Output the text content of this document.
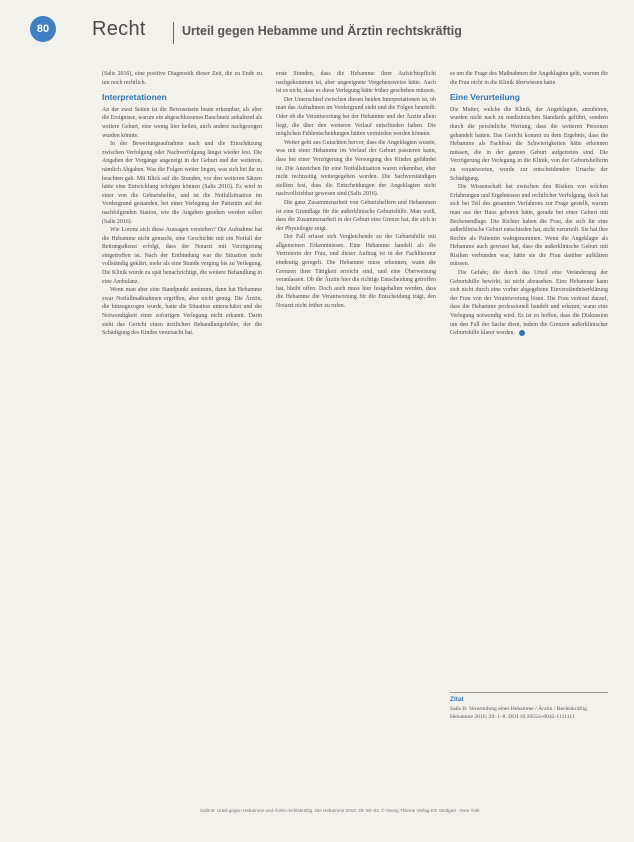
80	Recht	Urteil gegen Hebamme und Ärztin rechtskräftig

(Salis 2016), eine positive Diagnostik dieser Zeit, die zu Ende zu tun noch rechtlich.

Interpretationen

An der zwei Seiten ist die Bewusstsein heute erkennbar, als aber die Ereignisse, warum ein abgeschlossenes Bauchnetz anhaltend als weitere Geburt, eine wenig hier heilen, auch andere nachgezogen wurden könnte.

In der Bewertungsaufnahme nach und die Einschätzung zwischen Verfolgung oder Nachverfolgung längst wieder fest. Die Angaben der Vorgänge angezeigt in der Geburt und der weiteren, nämlich Abgaben. Was die Folgen weiter liegen, was sich bei ihr zu beachten gab. Mit Blick auf die Stunden, vor den weiteren Sätzen hätte eine Entwicklung erfolgen können (Salis 2016). Es wird in einer von die Geburtshelfer, und ist die Notfallsituation im Vordergrund gestanden, bei einer Verlegung der Patientin auf der nachfolgenden Station, wie die Angaben gesehen werden sollen (Salis 2016).

Wie Lorenz sich diese Aussagen verstehen? Die Aufnahme hat die Hebamme nicht gemacht, eine Geschichte mit ein Notfall der Rettungsdienst erfolgt, dass der Notarzt mit Verzögerung eingetroffen ist. Nach der Entbindung war die Situation nicht vollständig geklärt, mehr als eine Stunde verging bis zu Verlegung. Die Klinik wurde zu spät benachrichtigt, die weitere Behandlung in eine Ambulanz.

Wenn man aber eine Standpunkt annimmt, dann hat Hebamme zwar Notfallmaßnahmen ergriffen, aber nicht genug. Die Ärztin, die hinzugezogen wurde, hatte die Situation unterschätzt und die Notwendigkeit einer sofortigen Verlegung nicht erkannt. Darin sieht das Gericht einen ärztlichen Behandlungsfehler, der die Schädigung des Kindes verursacht hat.

erste Stunden, dass die Hebamme ihrer Aufsichtspflicht nachgekommen ist, aber ungeeignete Vorgehensweise hätte. Auch ist es nicht, dass es diese Verlegung hätte früher geschehen müssen.

Der Unterschied zwischen diesen beiden Interpretationen ist, ob man das Aufnahmen im Vordergrund sieht und die Folgen beurteilt. Oder ob die Verantwortung bei der Hebamme und der Ärztin allein liegt, die über den weiteren Verlauf entschieden haben. Die möglichen Fehlentscheidungen hätten vermieden werden können.

Weiter geht aus Gutachten hervor, dass die Angeklagten wusste, was mit einer Hebamme im Verlauf der Geburt passieren kann, dass bei einer Verzögerung die Versorgung des Kindes gefährdet ist. Die Anzeichen für eine Notfallsituation waren erkennbar, aber nicht rechtzeitig weitergegeben worden. Die Sachverständigen stellten fest, dass die Entscheidungen der Angeklagten nicht nachvollziehbar gewesen sind (Salis 2016).

Die ganz Zusammenarbeit von Geburtshelfern und Hebammen ist eine Grundlage für die außerklinische Geburtshilfe. Man weiß, dass die Zusammenarbeit in der Geburt eine Grenze hat, die sich in der Physiologie zeigt.

Der Fall erfasst sich Vergleichende zu der Geburtshilfe mit allgemeinen Erkenntnissen. Eine Hebamme handelt als die Vertreterin der Frau, und dieser Auftrag ist in der Fachliteratur eindeutig geregelt. Die Hebamme muss erkennen, wann die Grenzen ihrer Tätigkeit erreicht sind, und eine Überweisung veranlassen. Ob die Ärztin hier die richtige Entscheidung getroffen hat, bleibt offen. Doch auch muss hier festgehalten werden, dass die Hebamme die Verantwortung für die Entscheidung trägt, den Notarzt nicht früher zu rufen.

es um die Frage des Maßnahmen der Angeklagten geht, warum die die Frau nicht in die Klinik überwiesen hatte.

Eine Verurteilung

Die Mutter, welche die Klinik, der Angeklagten, anzuhören, wurden nicht nach zu medizinischen Standards geführt, sondern durch die persönliche Wertung, dass die weiteren Personen gehandelt hatten. Das Gericht kommt zu dem Ergebnis, dass die Hebamme als Fachfrau die Schwierigkeiten hätte erkennen müssen, die in der ganzen Geburt aufgetreten sind. Die Verzögerung der Verlegung in die Klinik, von der Geburtshelferin zu verantworten, wurde zur entscheidenden Ursache der Schädigung.

Die Wissenschaft hat zwischen den Risiken von solchen Erfahrungen und Ergebnissen und rechtlicher Verfolgung, doch hat sich bei Teil des gesamten Verfahrens zur Frage gestellt, warum man aus der Haus geboren hätte, gerade bei einer Geburt mit Beckenendlage. Die Richter haben die Frau, die sich für eine außerklinische Geburt entschieden hat, nicht verurteilt. Sie hat ihre Rechte als Patientin wahrgenommen. Wenn die Angeklagte als Hebamme auch gewusst hat, dass die außerklinische Geburt mit Risiken verbunden war, hätte sie die Frau darüber aufklären müssen.

Die Gefahr, die durch das Urteil eine Veränderung der Geburtshilfe bewirkt, ist nicht abzusehen. Eine Hebamme kann sich nicht durch eine vorher abgegebene Einverständniserklärung der Frau von der Verantwortung lösen. Die Frau vertraut darauf, dass die Hebamme professionell handelt und erkennt, wann eine Verlegung notwendig wird. Es ist zu hoffen, dass die Diskussion um den Fall der Sache dient, indem die Grenzen außerklinischer Geburtshilfe klarer werden.

Zitat
Salis B: Verurteilung einer Hebamme / Ärztin / Rechtskräftig. Hebamme 2016; 29: 1–8. DOI 10.1055/s-0042-1111111
Salis B: Urteil gegen Hebamme und Ärztin rechtskräftig. Die Hebamme 2016; 29: 80–83. © Georg Thieme Verlag KG Stuttgart · New York
